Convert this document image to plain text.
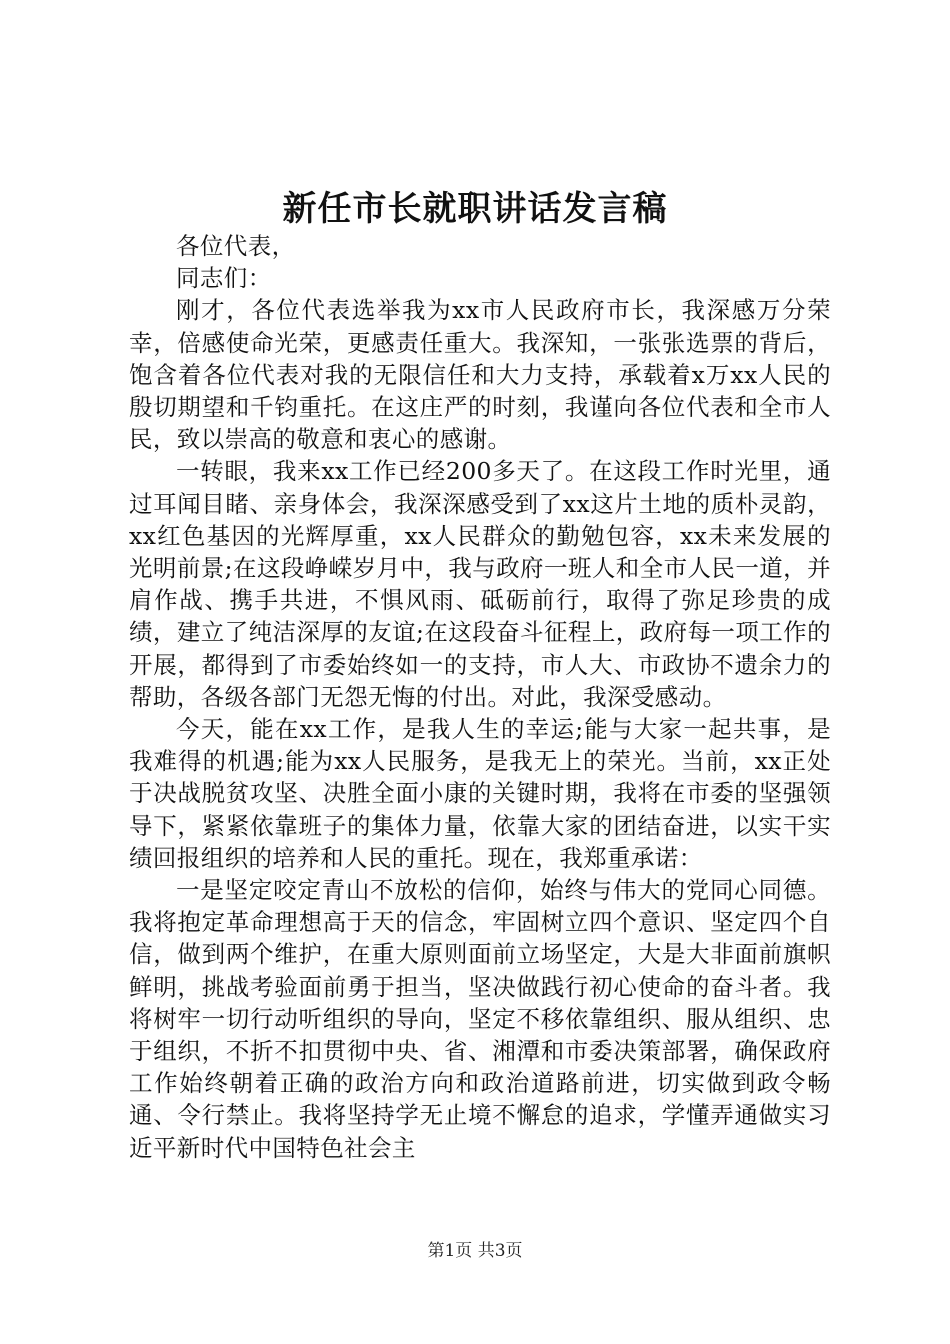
新任市长就职讲话发言稿

各位代表，

同志们：

刚才，各位代表选举我为xx市人民政府市长，我深感万分荣幸，倍感使命光荣，更感责任重大。我深知，一张张选票的背后，饱含着各位代表对我的无限信任和大力支持，承载着x万xx人民的殷切期望和千钧重托。在这庄严的时刻，我谨向各位代表和全市人民，致以崇高的敬意和衷心的感谢。

一转眼，我来xx工作已经200多天了。在这段工作时光里，通过耳闻目睹、亲身体会，我深深感受到了xx这片土地的质朴灵韵，xx红色基因的光辉厚重，xx人民群众的勤勉包容，xx未来发展的光明前景;在这段峥嵘岁月中，我与政府一班人和全市人民一道，并肩作战、携手共进，不惧风雨、砥砺前行，取得了弥足珍贵的成绩，建立了纯洁深厚的友谊;在这段奋斗征程上，政府每一项工作的开展，都得到了市委始终如一的支持，市人大、市政协不遗余力的帮助，各级各部门无怨无悔的付出。对此，我深受感动。

今天，能在xx工作，是我人生的幸运;能与大家一起共事，是我难得的机遇;能为xx人民服务，是我无上的荣光。当前，xx正处于决战脱贫攻坚、决胜全面小康的关键时期，我将在市委的坚强领导下，紧紧依靠班子的集体力量，依靠大家的团结奋进，以实干实绩回报组织的培养和人民的重托。现在，我郑重承诺：

一是坚定咬定青山不放松的信仰，始终与伟大的党同心同德。我将抱定革命理想高于天的信念，牢固树立四个意识、坚定四个自信，做到两个维护，在重大原则面前立场坚定，大是大非面前旗帜鲜明，挑战考验面前勇于担当，坚决做践行初心使命的奋斗者。我将树牢一切行动听组织的导向，坚定不移依靠组织、服从组织、忠于组织，不折不扣贯彻中央、省、湘潭和市委决策部署，确保政府工作始终朝着正确的政治方向和政治道路前进，切实做到政令畅通、令行禁止。我将坚持学无止境不懈怠的追求，学懂弄通做实习近平新时代中国特色社会主

第1页 共3页
